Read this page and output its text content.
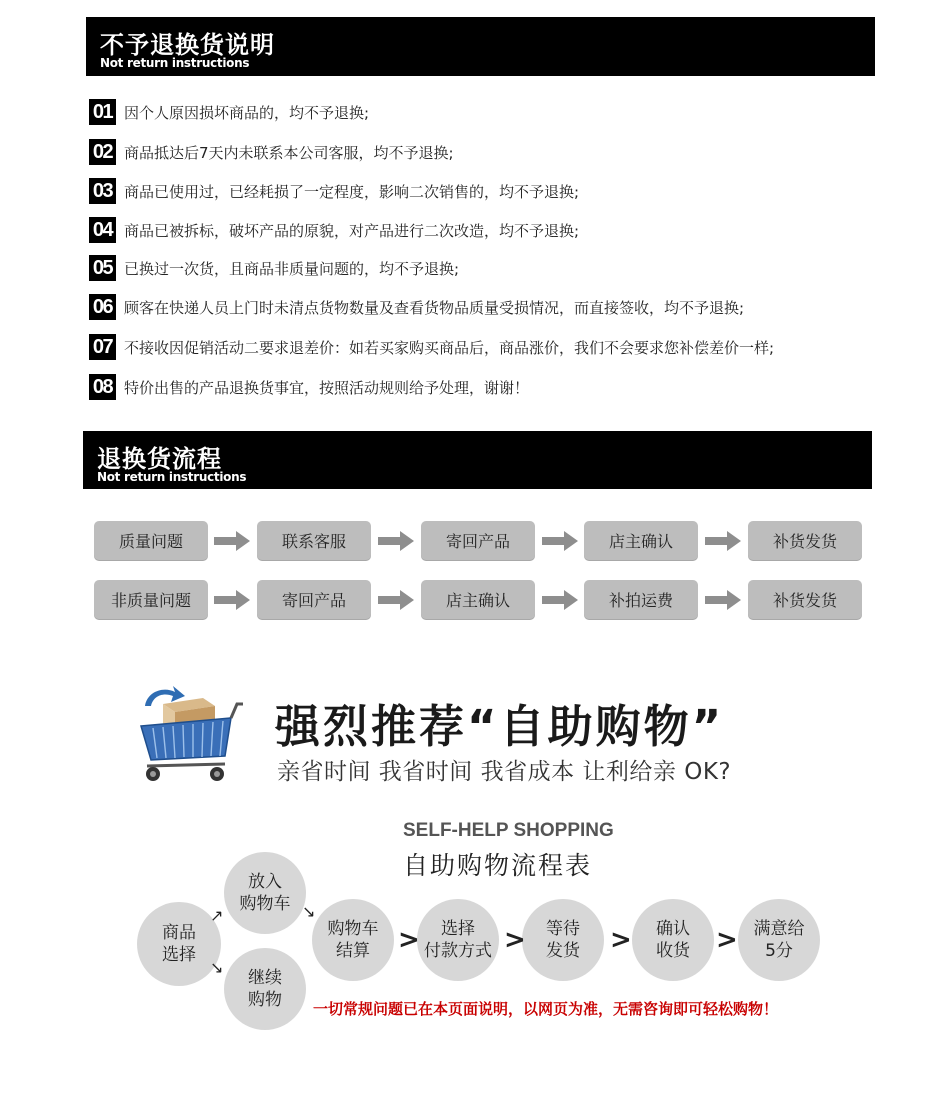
不予退换货说明
Not return instructions
01 因个人原因损坏商品的，均不予退换;
02 商品抵达后7天内未联系本公司客服，均不予退换;
03 商品已使用过，已经耗损了一定程度，影响二次销售的，均不予退换;
04 商品已被拆标，破坏产品的原貌，对产品进行二次改造，均不予退换;
05 已换过一次货，且商品非质量问题的，均不予退换;
06 顾客在快递人员上门时未清点货物数量及查看货物品质量受损情况，而直接签收，均不予退换;
07 不接收因促销活动二要求退差价：如若买家购买商品后，商品涨价，我们不会要求您补偿差价一样;
08 特价出售的产品退换货事宜，按照活动规则给予处理，谢谢！
退换货流程
Not return instructions
质量问题	联系客服	寄回产品	店主确认	补货发货
非质量问题	寄回产品	店主确认	补拍运费	补货发货
强烈推荐“自助购物”
亲省时间 我省时间 我省成本 让利给亲 OK?
SELF-HELP SHOPPING
自助购物流程表
商品
选择
放入
购物车
继续
购物
购物车
结算
选择
付款方式
等待
发货
确认
收货
满意给
5分
↗
↘
↘
>	>	>	>
一切常规问题已在本页面说明，以网页为准，无需咨询即可轻松购物！
